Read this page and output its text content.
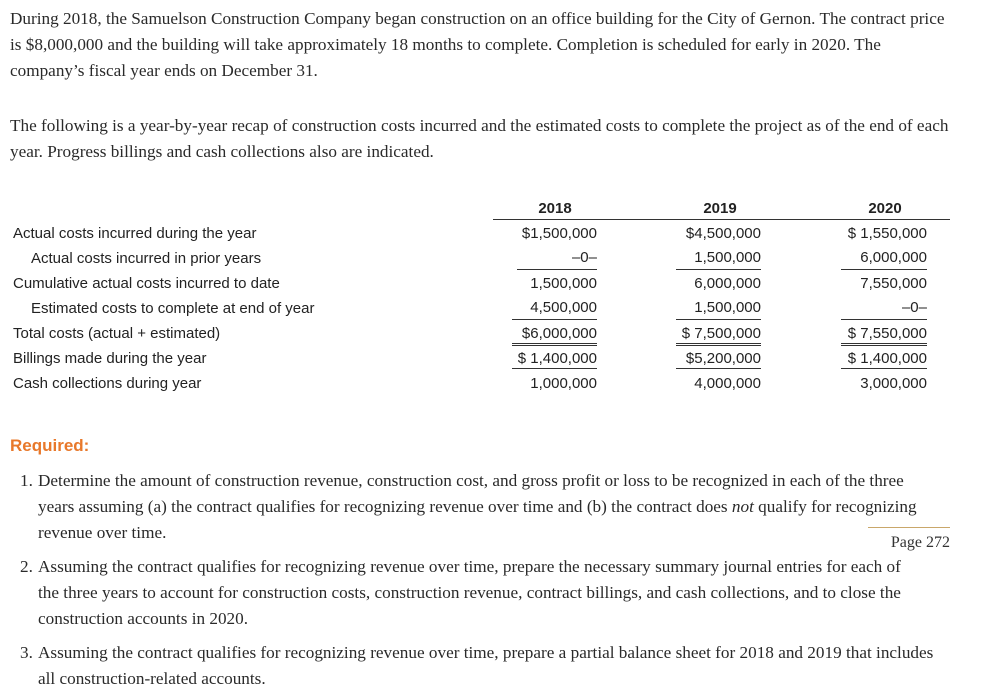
During 2018, the Samuelson Construction Company began construction on an office building for the City of Gernon. The contract price is $8,000,000 and the building will take approximately 18 months to complete. Completion is scheduled for early in 2020. The company’s fiscal year ends on December 31.

The following is a year-by-year recap of construction costs incurred and the estimated costs to complete the project as of the end of each year. Progress billings and cash collections also are indicated.

2018	2019	2020
Actual costs incurred during the year	$1,500,000	$4,500,000	$ 1,550,000
Actual costs incurred in prior years	–0–	1,500,000	6,000,000
Cumulative actual costs incurred to date	1,500,000	6,000,000	7,550,000
Estimated costs to complete at end of year	4,500,000	1,500,000	–0–
Total costs (actual + estimated)	$6,000,000	$ 7,500,000	$ 7,550,000
Billings made during the year	$ 1,400,000	$5,200,000	$ 1,400,000
Cash collections during year	1,000,000	4,000,000	3,000,000
Required:
1. Determine the amount of construction revenue, construction cost, and gross profit or loss to be recognized in each of the three years assuming (a) the contract qualifies for recognizing revenue over time and (b) the contract does not qualify for recognizing revenue over time.
Page 272
2. Assuming the contract qualifies for recognizing revenue over time, prepare the necessary summary journal entries for each of the three years to account for construction costs, construction revenue, contract billings, and cash collections, and to close the construction accounts in 2020.
3. Assuming the contract qualifies for recognizing revenue over time, prepare a partial balance sheet for 2018 and 2019 that includes all construction-related accounts.
